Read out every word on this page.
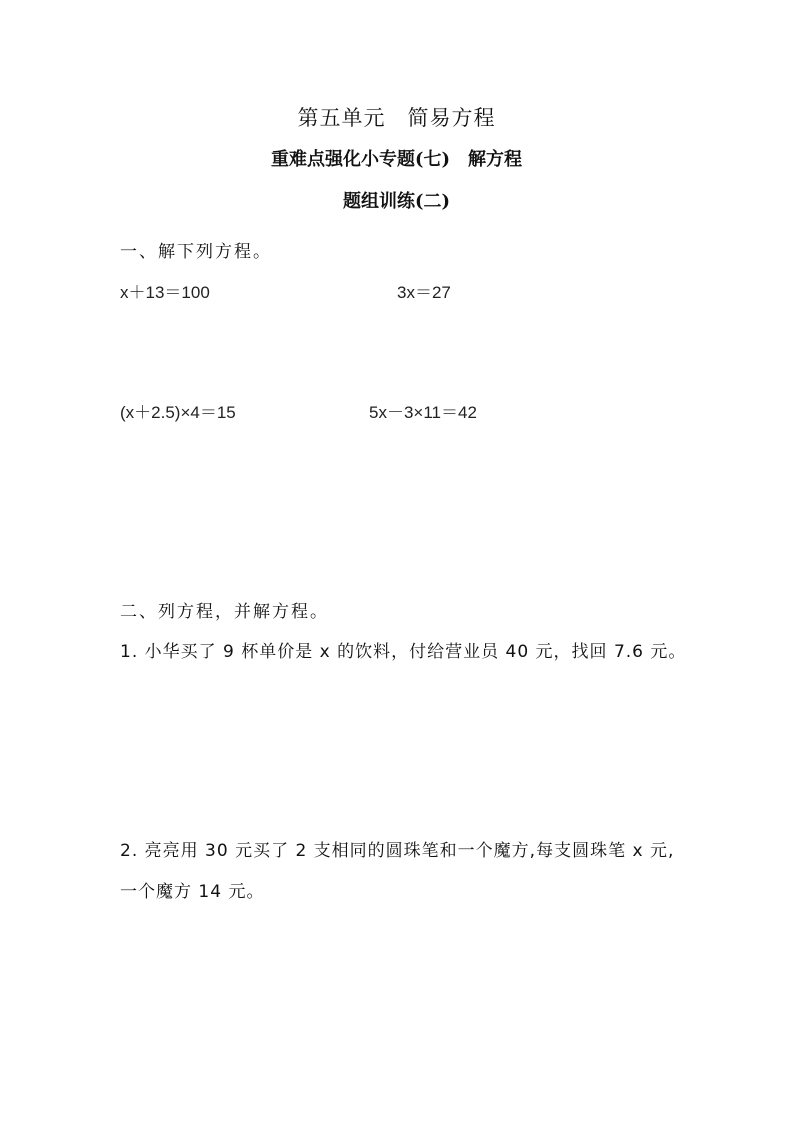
第五单元　简易方程
重难点强化小专题(七)　解方程
题组训练(二)
一、解下列方程。
x＋13＝100	3x＝27
(x＋2.5)×4＝15	5x－3×11＝42
二、列方程，并解方程。
1. 小华买了 9 杯单价是 x 的饮料，付给营业员 40 元，找回 7.6 元。
2. 亮亮用 30 元买了 2 支相同的圆珠笔和一个魔方,每支圆珠笔 x 元,
一个魔方 14 元。
